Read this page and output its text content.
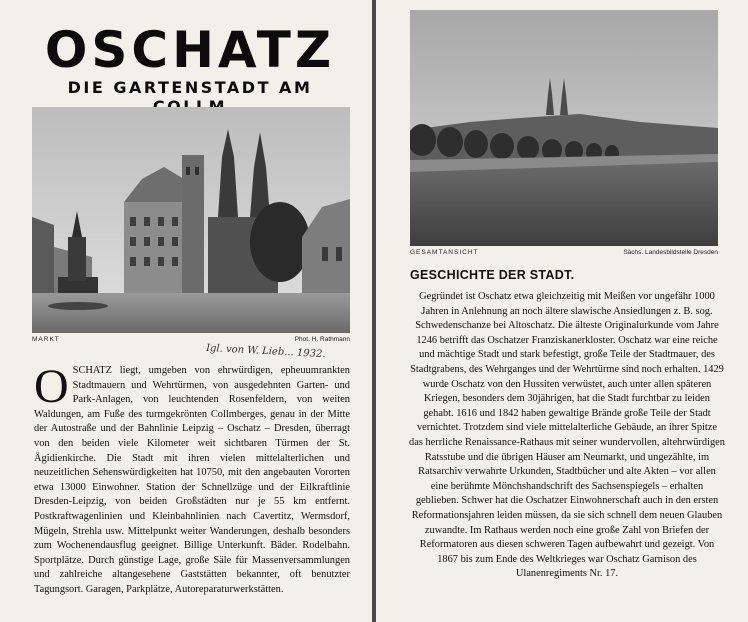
OSCHATZ
DIE GARTENSTADT AM
MARKT	Phot. H. Rathmann
Igl. von W. Lieb... 1932.
OSCHATZ liegt, umgeben von ehrwürdigen, epheuumrankten Stadtmauern und Wehrtürmen, von ausgedehnten Garten- und Park-Anlagen, von leuchtenden Rosenfeldern, von weiten Waldungen, am Fuße des turmgekrönten Collmberges, genau in der Mitte der Autostraße und der Bahnlinie Leipzig – Oschatz – Dresden, überragt von den beiden viele Kilometer weit sichtbaren Türmen der St. Ägidienkirche. Die Stadt mit ihren vielen mittelalterlichen und neuzeitlichen Sehenswürdigkeiten hat 10750, mit den angebauten Vororten etwa 13000 Einwohner. Station der Schnellzüge und der Eilkraftlinie Dresden-Leipzig, von beiden Großstädten nur je 55 km entfernt. Postkraftwagenlinien und Kleinbahnlinien nach Cavertitz, Wermsdorf, Mügeln, Strehla usw. Mittelpunkt weiter Wanderungen, deshalb besonders zum Wochenendausflug geeignet. Billige Unterkunft. Bäder. Rodelbahn. Sportplätze. Durch günstige Lage, große Säle für Massenversammlungen und zahlreiche altangesehene Gaststätten bekannter, oft benutzter Tagungsort. Garagen, Parkplätze, Autoreparaturwerkstätten.
GESAMTANSICHT	Sächs. Landesbildstelle Dresden
GESCHICHTE DER STADT.
Gegründet ist Oschatz etwa gleichzeitig mit Meißen vor ungefähr 1000 Jahren in Anlehnung an noch ältere slawische Ansiedlungen z. B. sog. Schwedenschanze bei Altoschatz. Die älteste Originalurkunde vom Jahre 1246 betrifft das Oschatzer Franziskanerkloster. Oschatz war eine reiche und mächtige Stadt und stark befestigt, große Teile der Stadtmauer, des Stadtgrabens, des Wehrganges und der Wehrtürme sind noch erhalten. 1429 wurde Oschatz von den Hussiten verwüstet, auch unter allen späteren Kriegen, besonders dem 30jährigen, hat die Stadt furchtbar zu leiden gehabt. 1616 und 1842 haben gewaltige Brände große Teile der Stadt vernichtet. Trotzdem sind viele mittelalterliche Gebäude, an ihrer Spitze das herrliche Renaissance-Rathaus mit seiner wundervollen, altehrwürdigen Ratsstube und die übrigen Häuser am Neumarkt, und ungezählte, im Ratsarchiv verwahrte Urkunden, Stadtbücher und alte Akten – vor allen eine berühmte Mönchshandschrift des Sachsenspiegels – erhalten geblieben. Schwer hat die Oschatzer Einwohnerschaft auch in den ersten Reformationsjahren leiden müssen, da sie sich schnell dem neuen Glauben zuwandte. Im Rathaus werden noch eine große Zahl von Briefen der Reformatoren aus diesen schweren Tagen aufbewahrt und gezeigt. Von 1867 bis zum Ende des Weltkrieges war Oschatz Garnison des Ulanenregiments Nr. 17.
